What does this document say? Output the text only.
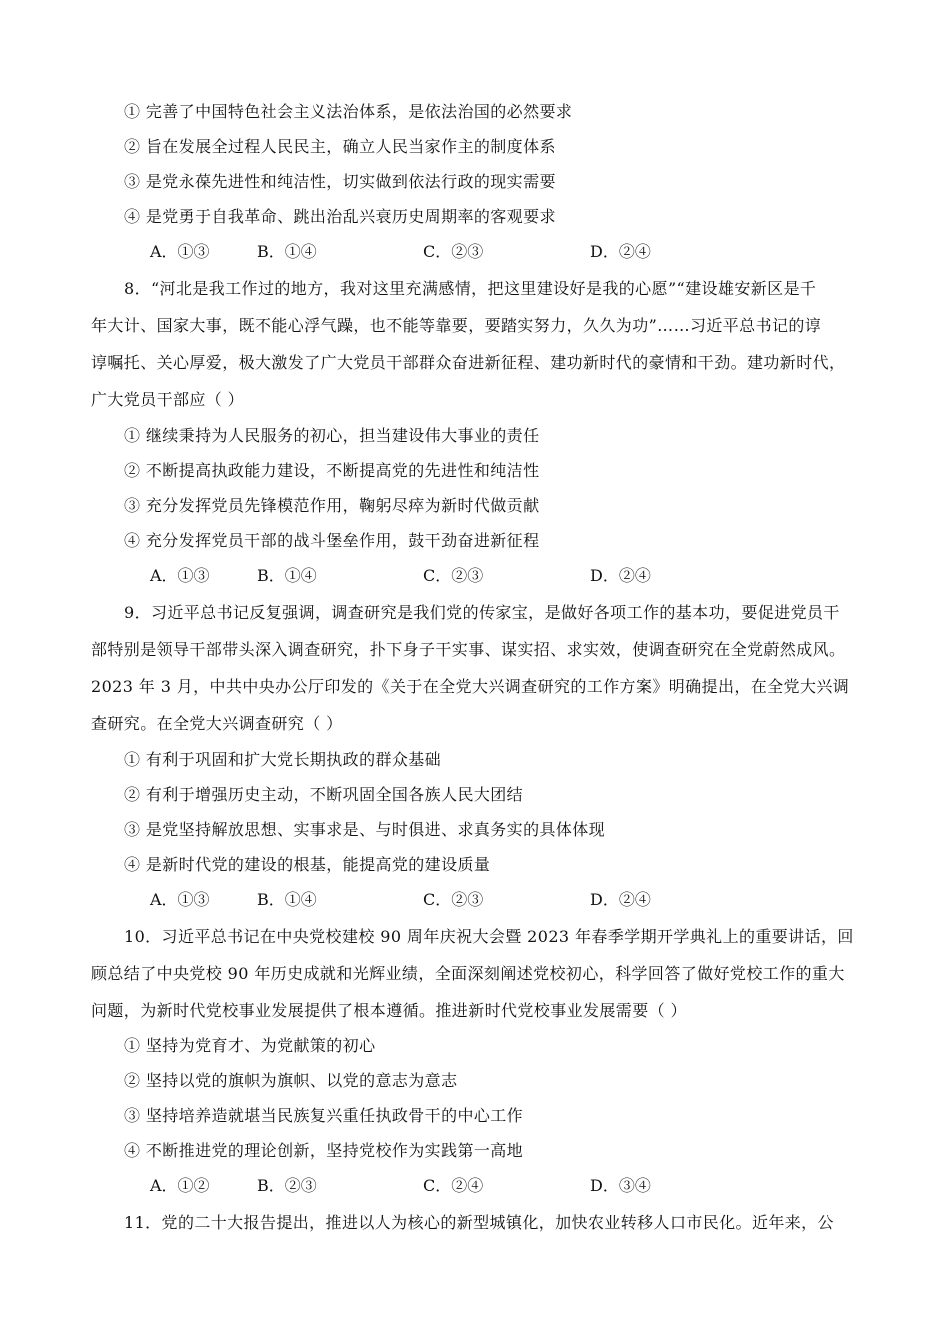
① 完善了中国特色社会主义法治体系，是依法治国的必然要求
② 旨在发展全过程人民民主，确立人民当家作主的制度体系
③ 是党永葆先进性和纯洁性，切实做到依法行政的现实需要
④ 是党勇于自我革命、跳出治乱兴衰历史周期率的客观要求
A．①③	B．①④	C．②③	D．②④
8．“河北是我工作过的地方，我对这里充满感情，把这里建设好是我的心愿”“建设雄安新区是千
年大计、国家大事，既不能心浮气躁，也不能等靠要，要踏实努力，久久为功”……习近平总书记的谆
谆嘱托、关心厚爱，极大激发了广大党员干部群众奋进新征程、建功新时代的豪情和干劲。建功新时代，
广大党员干部应（ ）
① 继续秉持为人民服务的初心，担当建设伟大事业的责任
② 不断提高执政能力建设，不断提高党的先进性和纯洁性
③ 充分发挥党员先锋模范作用，鞠躬尽瘁为新时代做贡献
④ 充分发挥党员干部的战斗堡垒作用，鼓干劲奋进新征程
A．①③	B．①④	C．②③	D．②④
9．习近平总书记反复强调，调查研究是我们党的传家宝，是做好各项工作的基本功，要促进党员干
部特别是领导干部带头深入调查研究，扑下身子干实事、谋实招、求实效，使调查研究在全党蔚然成风。
2023 年 3 月，中共中央办公厅印发的《关于在全党大兴调查研究的工作方案》明确提出，在全党大兴调
查研究。在全党大兴调查研究（ ）
① 有利于巩固和扩大党长期执政的群众基础
② 有利于增强历史主动，不断巩固全国各族人民大团结
③ 是党坚持解放思想、实事求是、与时俱进、求真务实的具体体现
④ 是新时代党的建设的根基，能提高党的建设质量
A．①③	B．①④	C．②③	D．②④
10．习近平总书记在中央党校建校 90 周年庆祝大会暨 2023 年春季学期开学典礼上的重要讲话，回
顾总结了中央党校 90 年历史成就和光辉业绩，全面深刻阐述党校初心，科学回答了做好党校工作的重大
问题，为新时代党校事业发展提供了根本遵循。推进新时代党校事业发展需要（ ）
① 坚持为党育才、为党献策的初心
② 坚持以党的旗帜为旗帜、以党的意志为意志
③ 坚持培养造就堪当民族复兴重任执政骨干的中心工作
④ 不断推进党的理论创新，坚持党校作为实践第一高地
A．①②	B．②③	C．②④	D．③④
11．党的二十大报告提出，推进以人为核心的新型城镇化，加快农业转移人口市民化。近年来，公
